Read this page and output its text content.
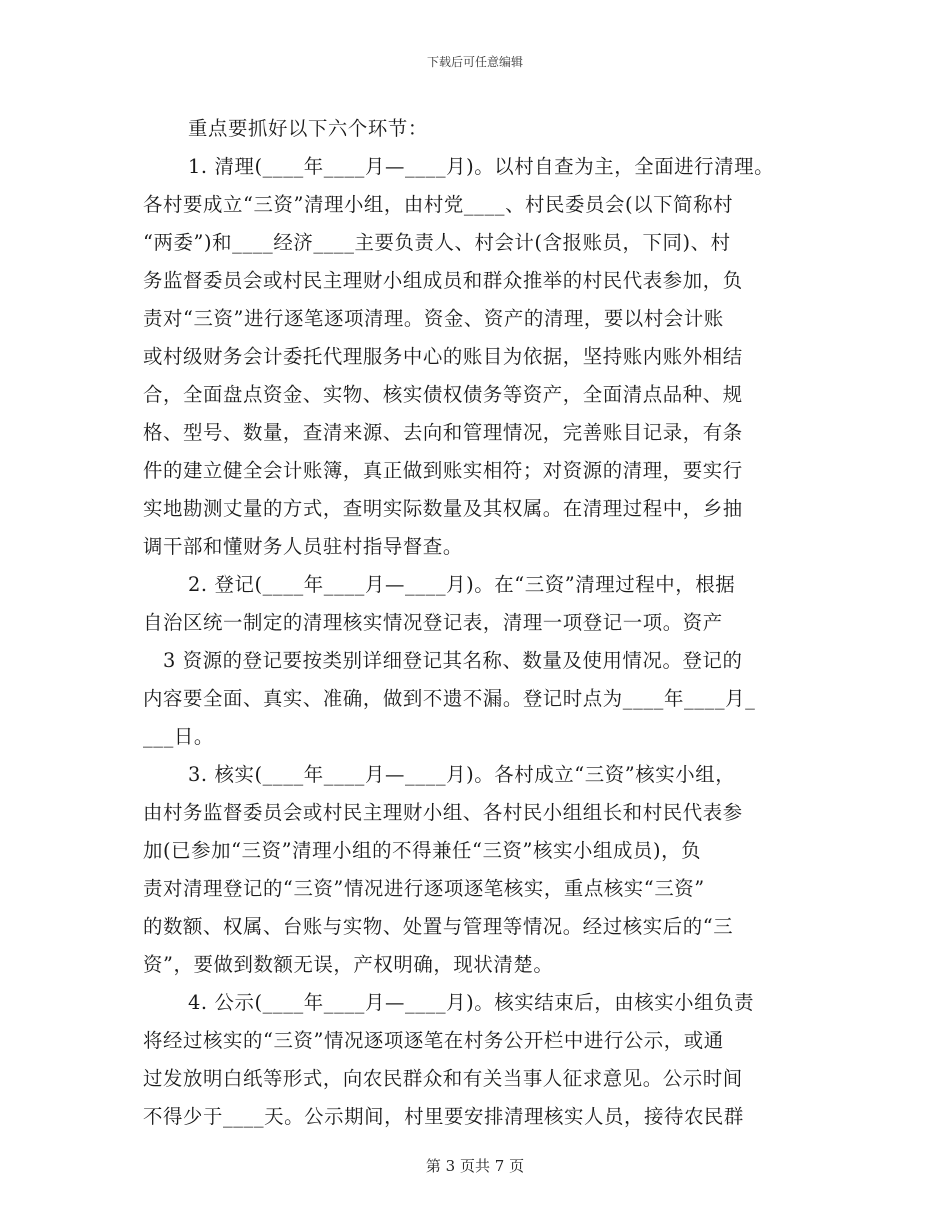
下载后可任意编辑
重点要抓好以下六个环节：
1. 清理(____年____月—____月)。以村自查为主，全面进行清理。
各村要成立“三资”清理小组，由村党____、村民委员会(以下简称村
“两委”)和____经济____主要负责人、村会计(含报账员，下同)、村
务监督委员会或村民主理财小组成员和群众推举的村民代表参加，负
责对“三资”进行逐笔逐项清理。资金、资产的清理，要以村会计账
或村级财务会计委托代理服务中心的账目为依据，坚持账内账外相结
合，全面盘点资金、实物、核实债权债务等资产，全面清点品种、规
格、型号、数量，查清来源、去向和管理情况，完善账目记录，有条
件的建立健全会计账簿，真正做到账实相符；对资源的清理，要实行
实地勘测丈量的方式，查明实际数量及其权属。在清理过程中，乡抽
调干部和懂财务人员驻村指导督查。
2. 登记(____年____月—____月)。在“三资”清理过程中，根据
自治区统一制定的清理核实情况登记表，清理一项登记一项。资产
3 资源的登记要按类别详细登记其名称、数量及使用情况。登记的
内容要全面、真实、准确，做到不遗不漏。登记时点为____年____月_
___日。
3. 核实(____年____月—____月)。各村成立“三资”核实小组，
由村务监督委员会或村民主理财小组、各村民小组组长和村民代表参
加(已参加“三资”清理小组的不得兼任“三资”核实小组成员)，负
责对清理登记的“三资”情况进行逐项逐笔核实，重点核实“三资”
的数额、权属、台账与实物、处置与管理等情况。经过核实后的“三
资”，要做到数额无误，产权明确，现状清楚。
4. 公示(____年____月—____月)。核实结束后，由核实小组负责
将经过核实的“三资”情况逐项逐笔在村务公开栏中进行公示，或通
过发放明白纸等形式，向农民群众和有关当事人征求意见。公示时间
不得少于____天。公示期间，村里要安排清理核实人员，接待农民群
第 3 页共 7 页
